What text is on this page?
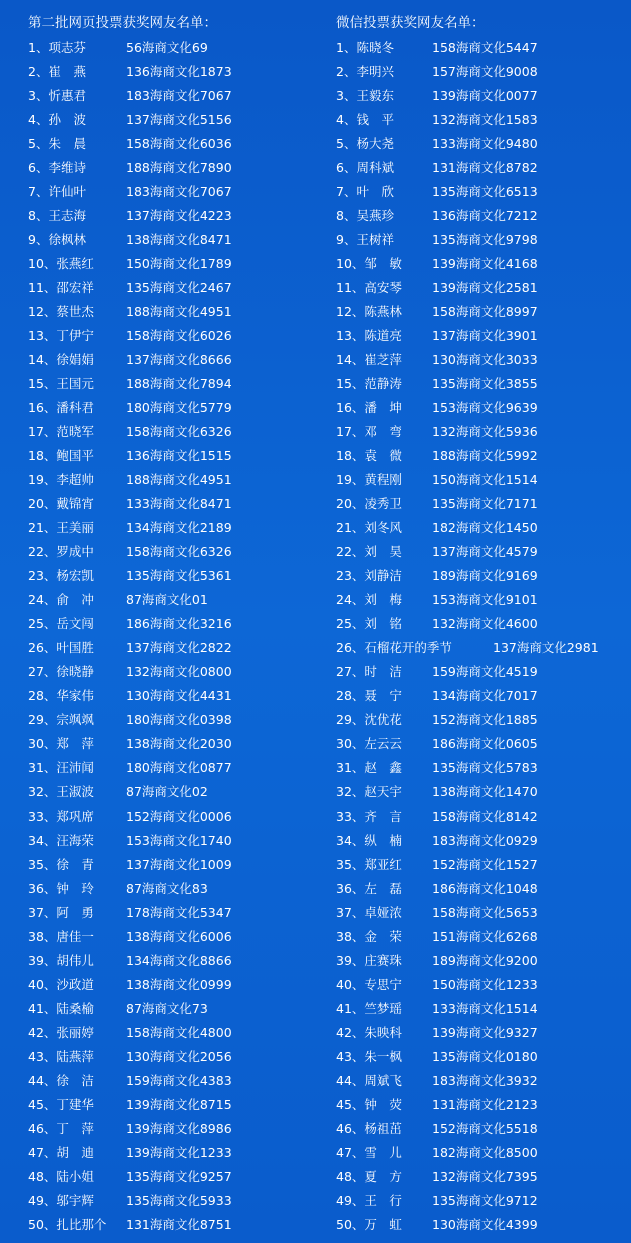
第二批网页投票获奖网友名单：
1、项志芬	56海商文化69
2、崔　燕	136海商文化1873
3、忻惠君	183海商文化7067
4、孙　波	137海商文化5156
5、朱　晨	158海商文化6036
6、李维诗	188海商文化7890
7、许仙叶	183海商文化7067
8、王志海	137海商文化4223
9、徐枫林	138海商文化8471
10、张燕红	150海商文化1789
11、邵宏祥	135海商文化2467
12、蔡世杰	188海商文化4951
13、丁伊宁	158海商文化6026
14、徐娟娟	137海商文化8666
15、王国元	188海商文化7894
16、潘科君	180海商文化5779
17、范晓军	158海商文化6326
18、鲍国平	136海商文化1515
19、李超帅	188海商文化4951
20、戴锦宵	133海商文化8471
21、王美丽	134海商文化2189
22、罗成中	158海商文化6326
23、杨宏凯	135海商文化5361
24、俞　冲	87海商文化01
25、岳文闯	186海商文化3216
26、叶国胜	137海商文化2822
27、徐晓静	132海商文化0800
28、华家伟	130海商文化4431
29、宗飒飒	180海商文化0398
30、郑　萍	138海商文化2030
31、汪沛闻	180海商文化0877
32、王淑波	87海商文化02
33、郑巩席	152海商文化0006
34、汪海荣	153海商文化1740
35、徐　青	137海商文化1009
36、钟　玲	87海商文化83
37、阿　勇	178海商文化5347
38、唐佳一	138海商文化6006
39、胡伟儿	134海商文化8866
40、沙政道	138海商文化0999
41、陆桑榆	87海商文化73
42、张丽婷	158海商文化4800
43、陆燕萍	130海商文化2056
44、徐　洁	159海商文化4383
45、丁建华	139海商文化8715
46、丁　萍	139海商文化8986
47、胡　迪	139海商文化1233
48、陆小姐	135海商文化9257
49、邬宇辉	135海商文化5933
50、扎比那个 131海商文化8751
微信投票获奖网友名单：
1、陈晓冬	158海商文化5447
2、李明兴	157海商文化9008
3、王毅东	139海商文化0077
4、钱　平	132海商文化1583
5、杨大尧	133海商文化9480
6、周科斌	131海商文化8782
7、叶　欣	135海商文化6513
8、吴燕珍	136海商文化7212
9、王树祥	135海商文化9798
10、邹　敏 139海商文化4168
11、高安琴 139海商文化2581
12、陈燕林 158海商文化8997
13、陈道亮 137海商文化3901
14、崔芝萍 130海商文化3033
15、范静涛 135海商文化3855
16、潘　坤 153海商文化9639
17、邓　弯 132海商文化5936
18、袁　微 188海商文化5992
19、黄程刚 150海商文化1514
20、凌秀卫 135海商文化7171
21、刘冬风 182海商文化1450
22、刘　昊 137海商文化4579
23、刘静洁 189海商文化9169
24、刘　梅 153海商文化9101
25、刘　铭 132海商文化4600
26、石榴花开的季节	137海商文化2981
27、时　洁 159海商文化4519
28、聂　宁 134海商文化7017
29、沈优花 152海商文化1885
30、左云云 186海商文化0605
31、赵　鑫 135海商文化5783
32、赵天宇 138海商文化1470
33、齐　言 158海商文化8142
34、纵　楠 183海商文化0929
35、郑亚红 152海商文化1527
36、左　磊 186海商文化1048
37、卓娅浓 158海商文化5653
38、金　荣 151海商文化6268
39、庄赛珠 189海商文化9200
40、专思宁 150海商文化1233
41、竺梦瑶 133海商文化1514
42、朱映科 139海商文化9327
43、朱一枫 135海商文化0180
44、周斌飞 183海商文化3932
45、钟　荧 131海商文化2123
46、杨祖茁 152海商文化5518
47、雪　儿 182海商文化8500
48、夏　方 132海商文化7395
49、王　行 135海商文化9712
50、万　虹 130海商文化4399
